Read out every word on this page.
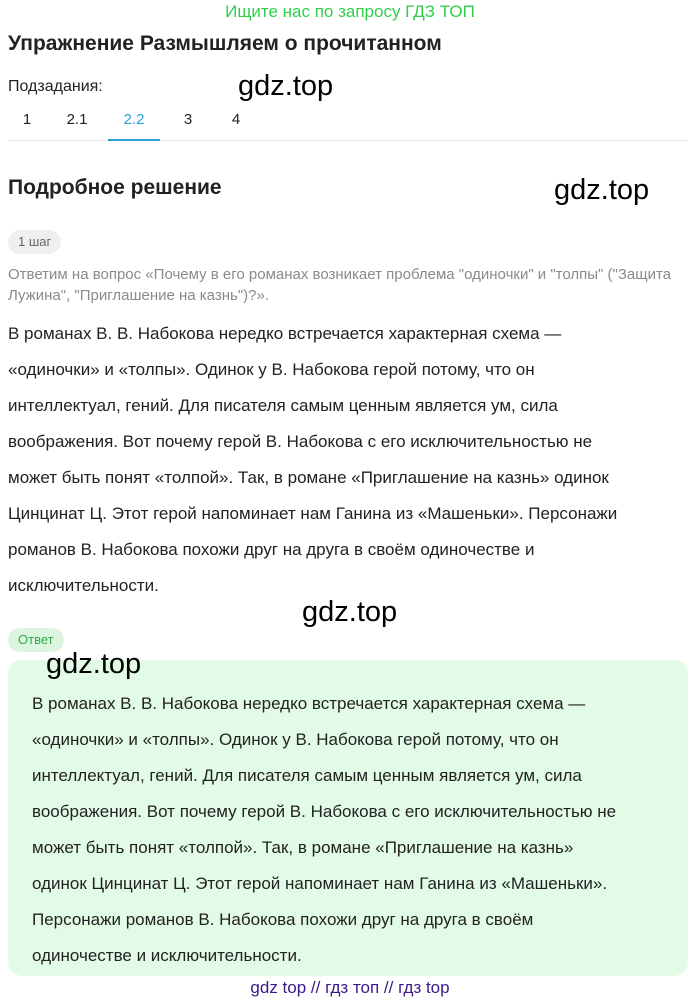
Ищите нас по запросу ГДЗ ТОП
Упражнение Размышляем о прочитанном
Подзадания:
1	2.1	2.2	3	4
gdz.top
Подробное решение	gdz.top
1 шаг
Ответим на вопрос «Почему в его романах возникает проблема "одиночки" и "толпы" ("Защита Лужина", "Приглашение на казнь")?».
В романах В. В. Набокова нередко встречается характерная схема —
«одиночки» и «толпы». Одинок у В. Набокова герой потому, что он
интеллектуал, гений. Для писателя самым ценным является ум, сила
воображения. Вот почему герой В. Набокова с его исключительностью не
может быть понят «толпой». Так, в романе «Приглашение на казнь» одинок
Цинцинат Ц. Этот герой напоминает нам Ганина из «Машеньки». Персонажи
романов В. Набокова похожи друг на друга в своём одиночестве и
исключительности.
gdz.top
Ответ
gdz.top
В романах В. В. Набокова нередко встречается характерная схема —
«одиночки» и «толпы». Одинок у В. Набокова герой потому, что он
интеллектуал, гений. Для писателя самым ценным является ум, сила
воображения. Вот почему герой В. Набокова с его исключительностью не
может быть понят «толпой». Так, в романе «Приглашение на казнь»
одинок Цинцинат Ц. Этот герой напоминает нам Ганина из «Машеньки».
Персонажи романов В. Набокова похожи друг на друга в своём
одиночестве и исключительности.
gdz top // гдз топ // гдз top
